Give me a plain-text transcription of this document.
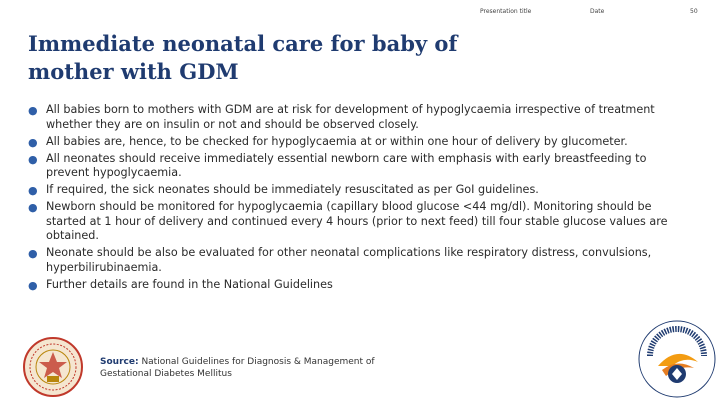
Presentation title	Date	50
Immediate neonatal care for baby of
mother with GDM
● All babies born to mothers with GDM are at risk for development of hypoglycaemia irrespective of treatment whether they are on insulin or not and should be observed closely.
● All babies are, hence, to be checked for hypoglycaemia at or within one hour of delivery by glucometer.
● All neonates should receive immediately essential newborn care with emphasis with early breastfeeding to prevent hypoglycaemia.
● If required, the sick neonates should be immediately resuscitated as per GoI guidelines.
● Newborn should be monitored for hypoglycaemia (capillary blood glucose <44 mg/dl). Monitoring should be started at 1 hour of delivery and continued every 4 hours (prior to next feed) till four stable glucose values are obtained.
● Neonate should be also be evaluated for other neonatal complications like respiratory distress, convulsions, hyperbilirubinaemia.
● Further details are found in the National Guidelines
Source: National Guidelines for Diagnosis & Management of
Gestational Diabetes Mellitus
